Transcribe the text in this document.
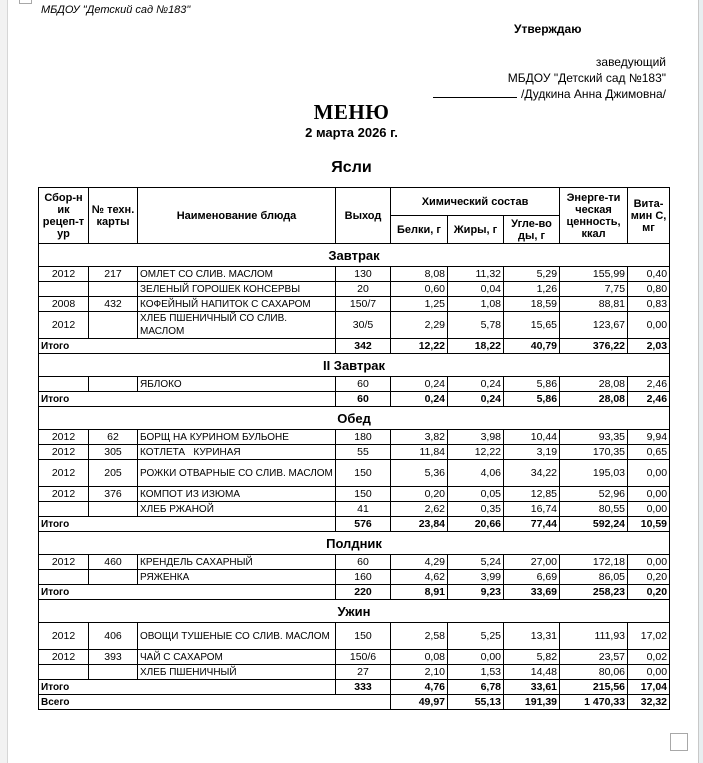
МБДОУ "Детский сад №183"
Утверждаю
заведующий
МБДОУ "Детский сад №183"
/Дудкина Анна Джимовна/
МЕНЮ
2 марта 2026 г.
Ясли
Сбор-н ик рецеп-т ур	№ техн. карты	Наименование блюда	Выход	Химический состав			Энерге-ти ческая ценность, ккал	Вита-мин С, мг
				Белки, г	Жиры, г	Угле-во ды, г		
Завтрак								
2012	217	ОМЛЕТ СО СЛИВ. МАСЛОМ	130	8,08	11,32	5,29	155,99	0,40
		ЗЕЛЕНЫЙ ГОРОШЕК КОНСЕРВЫ	20	0,60	0,04	1,26	7,75	0,80
2008	432	КОФЕЙНЫЙ НАПИТОК С САХАРОМ	150/7	1,25	1,08	18,59	88,81	0,83
2012		ХЛЕБ ПШЕНИЧНЫЙ СО СЛИВ. МАСЛОМ	30/5	2,29	5,78	15,65	123,67	0,00
Итого			342	12,22	18,22	40,79	376,22	2,03
II Завтрак								
		ЯБЛОКО	60	0,24	0,24	5,86	28,08	2,46
Итого			60	0,24	0,24	5,86	28,08	2,46
Обед								
2012	62	БОРЩ НА КУРИНОМ БУЛЬОНЕ	180	3,82	3,98	10,44	93,35	9,94
2012	305	КОТЛЕТА   КУРИНАЯ	55	11,84	12,22	3,19	170,35	0,65
2012	205	РОЖКИ ОТВАРНЫЕ СО СЛИВ. МАСЛОМ	150	5,36	4,06	34,22	195,03	0,00
2012	376	КОМПОТ ИЗ ИЗЮМА	150	0,20	0,05	12,85	52,96	0,00
		ХЛЕБ РЖАНОЙ	41	2,62	0,35	16,74	80,55	0,00
Итого			576	23,84	20,66	77,44	592,24	10,59
Полдник								
2012	460	КРЕНДЕЛЬ САХАРНЫЙ	60	4,29	5,24	27,00	172,18	0,00
		РЯЖЕНКА	160	4,62	3,99	6,69	86,05	0,20
Итого			220	8,91	9,23	33,69	258,23	0,20
Ужин								
2012	406	ОВОЩИ ТУШЕНЫЕ СО СЛИВ. МАСЛОМ	150	2,58	5,25	13,31	111,93	17,02
2012	393	ЧАЙ С САХАРОМ	150/6	0,08	0,00	5,82	23,57	0,02
		ХЛЕБ ПШЕНИЧНЫЙ	27	2,10	1,53	14,48	80,06	0,00
Итого			333	4,76	6,78	33,61	215,56	17,04
Всего				49,97	55,13	191,39	1 470,33	32,32
